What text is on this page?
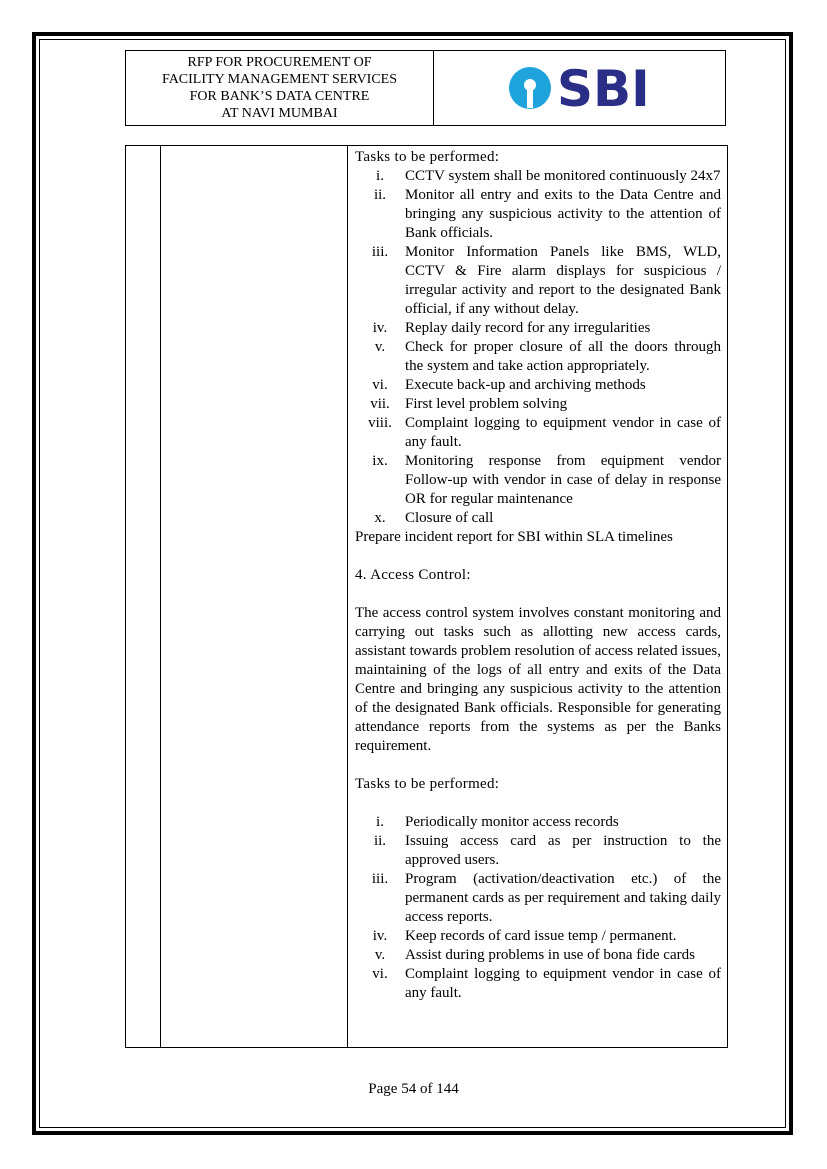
RFP FOR PROCUREMENT OF
FACILITY MANAGEMENT SERVICES
FOR BANK’S DATA CENTRE
AT NAVI MUMBAI	SBI

Tasks to be performed:

i.	CCTV system shall be monitored continuously 24x7
ii.	Monitor all entry and exits to the Data Centre and bringing any suspicious activity to the attention of Bank officials.
iii.	Monitor Information Panels like BMS, WLD, CCTV & Fire alarm displays for suspicious / irregular activity and report to the designated Bank official, if any without delay.
iv.	Replay daily record for any irregularities
v.	Check for proper closure of all the doors through the system and take action appropriately.
vi.	Execute back-up and archiving methods
vii.	First level problem solving
viii. Complaint logging to equipment vendor in case of any fault.
ix.	Monitoring response from equipment vendor Follow-up with vendor in case of delay in response OR for regular maintenance
x.	Closure of call

Prepare incident report for SBI within SLA timelines

4. Access Control:

The access control system involves constant monitoring and carrying out tasks such as allotting new access cards, assistant towards problem resolution of access related issues, maintaining of the logs of all entry and exits of the Data Centre and bringing any suspicious activity to the attention of the designated Bank officials. Responsible for generating attendance reports from the systems as per the Banks requirement.

Tasks to be performed:

i.	Periodically monitor access records
ii.	Issuing access card as per instruction to the approved users.
iii.	Program (activation/deactivation etc.) of the permanent cards as per requirement and taking daily access reports.
iv.	Keep records of card issue temp / permanent.
v.	Assist during problems in use of bona fide cards
vi.	Complaint logging to equipment vendor in case of any fault.
Page 54 of 144
